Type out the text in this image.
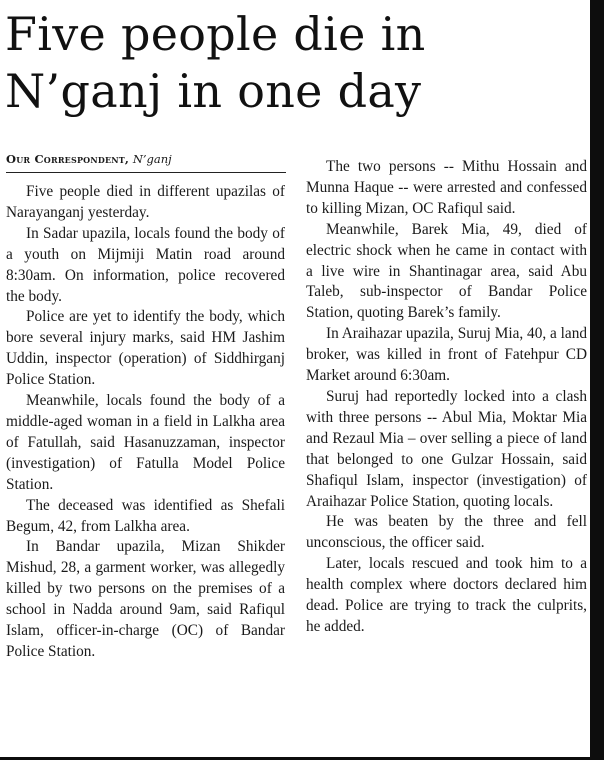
Five people die in N’ganj in one day
Our Correspondent, N’ganj

Five people died in different upazilas of Narayanganj yesterday.

In Sadar upazila, locals found the body of a youth on Mijmiji Matin road around 8:30am. On information, police recovered the body.

Police are yet to identify the body, which bore several injury marks, said HM Jashim Uddin, inspector (operation) of Siddhirganj Police Station.

Meanwhile, locals found the body of a middle-aged woman in a field in Lalkha area of Fatullah, said Hasanuzzaman, inspector (investigation) of Fatulla Model Police Station.

The deceased was identified as Shefali Begum, 42, from Lalkha area.

In Bandar upazila, Mizan Shikder Mishud, 28, a garment worker, was allegedly killed by two persons on the premises of a school in Nadda around 9am, said Rafiqul Islam, officer-in-charge (OC) of Bandar Police Station.

The two persons -- Mithu Hossain and Munna Haque -- were arrested and confessed to killing Mizan, OC Rafiqul said.

Meanwhile, Barek Mia, 49, died of electric shock when he came in contact with a live wire in Shantinagar area, said Abu Taleb, sub-inspector of Bandar Police Station, quoting Barek’s family.

In Araihazar upazila, Suruj Mia, 40, a land broker, was killed in front of Fatehpur CD Market around 6:30am.

Suruj had reportedly locked into a clash with three persons -- Abul Mia, Moktar Mia and Rezaul Mia – over selling a piece of land that belonged to one Gulzar Hossain, said Shafiqul Islam, inspector (investigation) of Araihazar Police Station, quoting locals.

He was beaten by the three and fell unconscious, the officer said.

Later, locals rescued and took him to a health complex where doctors declared him dead. Police are trying to track the culprits, he added.
